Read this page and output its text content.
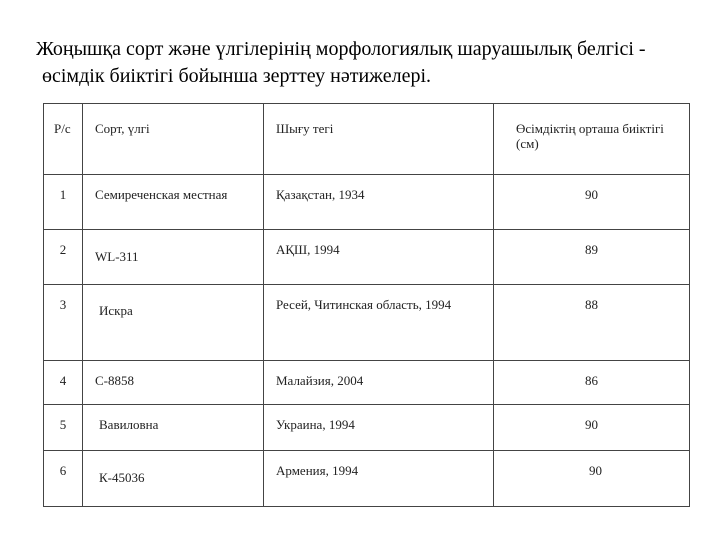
Жоңышқа сорт және үлгілерінің морфологиялық шаруашылық белгісі -
өсімдік биіктігі бойынша зерттеу нәтижелері.
Р/с	Сорт, үлгі	Шығу тегі	Өсімдіктің орташа биіктігі (см)

1	Семиреченская местная	Қазақстан, 1934	90

2	WL-311	АҚШ, 1994	89

3	Искра	Ресей, Читинская область, 1994	88

4	С-8858	Малайзия, 2004	86

5	Вавиловна	Украина, 1994	90

6	К-45036	Армения, 1994	90
